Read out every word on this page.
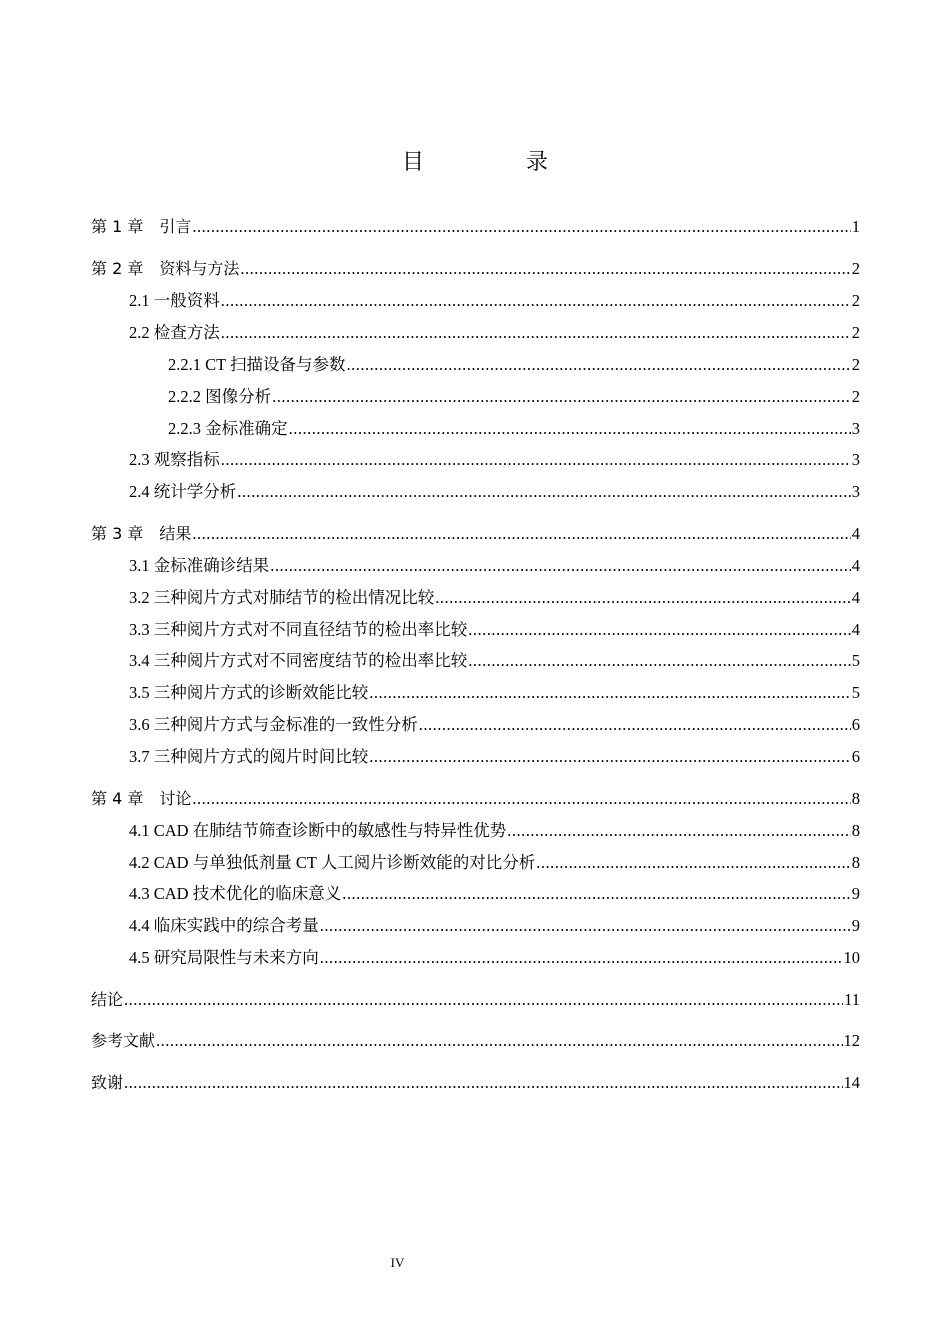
目　录
第 1 章　引言 .....	1
第 2 章　资料与方法 .....	2
2.1 一般资料 .....	2
2.2 检查方法 .....	2
2.2.1 CT 扫描设备与参数 .....	2
2.2.2 图像分析 .....	2
2.2.3 金标准确定 .....	3
2.3 观察指标 .....	3
2.4 统计学分析 .....	3
第 3 章　结果 .....	4
3.1 金标准确诊结果 .....	4
3.2 三种阅片方式对肺结节的检出情况比较 .....	4
3.3 三种阅片方式对不同直径结节的检出率比较 .....	4
3.4 三种阅片方式对不同密度结节的检出率比较 .....	5
3.5 三种阅片方式的诊断效能比较 .....	5
3.6 三种阅片方式与金标准的一致性分析 .....	6
3.7 三种阅片方式的阅片时间比较 .....	6
第 4 章　讨论 .....	8
4.1 CAD 在肺结节筛查诊断中的敏感性与特异性优势 .....	8
4.2 CAD 与单独低剂量 CT 人工阅片诊断效能的对比分析 .....	8
4.3 CAD 技术优化的临床意义 .....	9
4.4 临床实践中的综合考量 .....	9
4.5 研究局限性与未来方向 .....	10
结论 .....	11
参考文献 .....	12
致谢 .....	14
IV
